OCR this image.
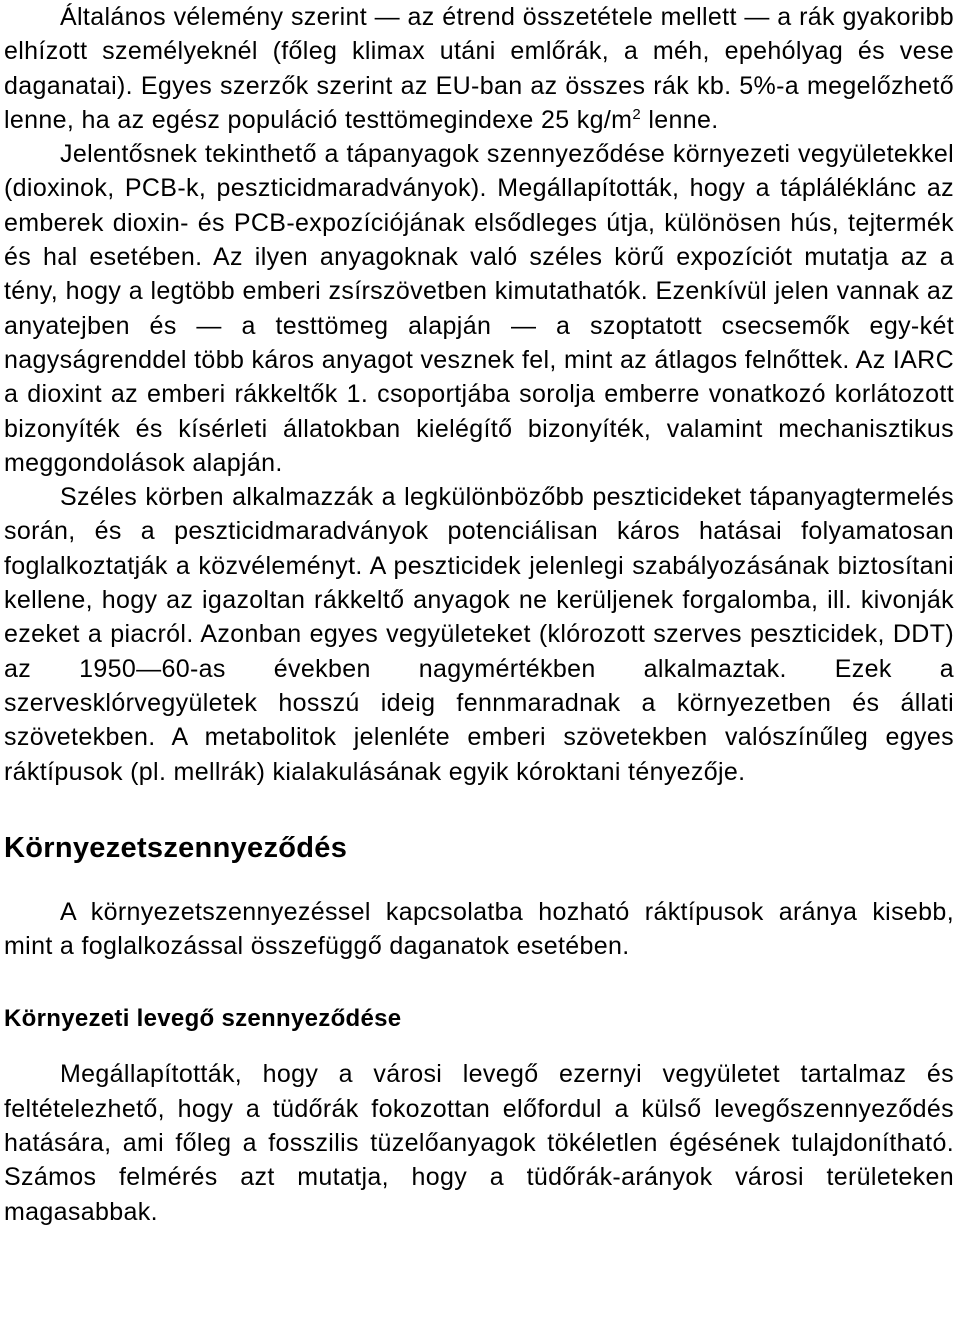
Általános vélemény szerint — az étrend összetétele mellett — a rák gyakoribb elhízott személyeknél (főleg klimax utáni emlőrák, a méh, epehólyag és vese daganatai). Egyes szerzők szerint az EU-ban az összes rák kb. 5%-a megelőzhető lenne, ha az egész populáció testtömegindexe 25 $kg/m^2$ lenne.

Jelentősnek tekinthető a tápanyagok szennyeződése környezeti vegyületekkel (dioxinok, PCB-k, peszticidmaradványok). Megállapították, hogy a tápláléklánc az emberek dioxin- és PCB-expozíciójának elsődleges útja, különösen hús, tejtermék és hal esetében. Az ilyen anyagoknak való széles körű expozíciót mutatja az a tény, hogy a legtöbb emberi zsírszövetben kimutathatók. Ezenkívül jelen vannak az anyatejben és — a testtömeg alapján — a szoptatott csecsemők egy-két nagyságrenddel több káros anyagot vesznek fel, mint az átlagos felnőttek. Az IARC a dioxint az emberi rákkeltők 1. csoportjába sorolja emberre vonatkozó korlátozott bizonyíték és kísérleti állatokban kielégítő bizonyíték, valamint mechanisztikus meggondolások alapján.

Széles körben alkalmazzák a legkülönbözőbb peszticideket tápanyagtermelés során, és a peszticidmaradványok potenciálisan káros hatásai folyamatosan foglalkoztatják a közvéleményt. A peszticidek jelenlegi szabályozásának biztosítani kellene, hogy az igazoltan rákkeltő anyagok ne kerüljenek forgalomba, ill. kivonják ezeket a piacról. Azonban egyes vegyületeket (klórozott szerves peszticidek, DDT) az 1950—60-as években nagymértékben alkalmaztak. Ezek a szervesklórvegyületek hosszú ideig fennmaradnak a környezetben és állati szövetekben. A metabolitok jelenléte emberi szövetekben valószínűleg egyes ráktípusok (pl. mellrák) kialakulásának egyik kóroktani tényezője.

Környezetszennyeződés

A környezetszennyezéssel kapcsolatba hozható ráktípusok aránya kisebb, mint a foglalkozással összefüggő daganatok esetében.

Környezeti levegő szennyeződése

Megállapították, hogy a városi levegő ezernyi vegyületet tartalmaz és feltételezhető, hogy a tüdőrák fokozottan előfordul a külső levegőszennyeződés hatására, ami főleg a fosszilis tüzelőanyagok tökéletlen égésének tulajdonítható. Számos felmérés azt mutatja, hogy a tüdőrák-arányok városi területeken magasabbak.
